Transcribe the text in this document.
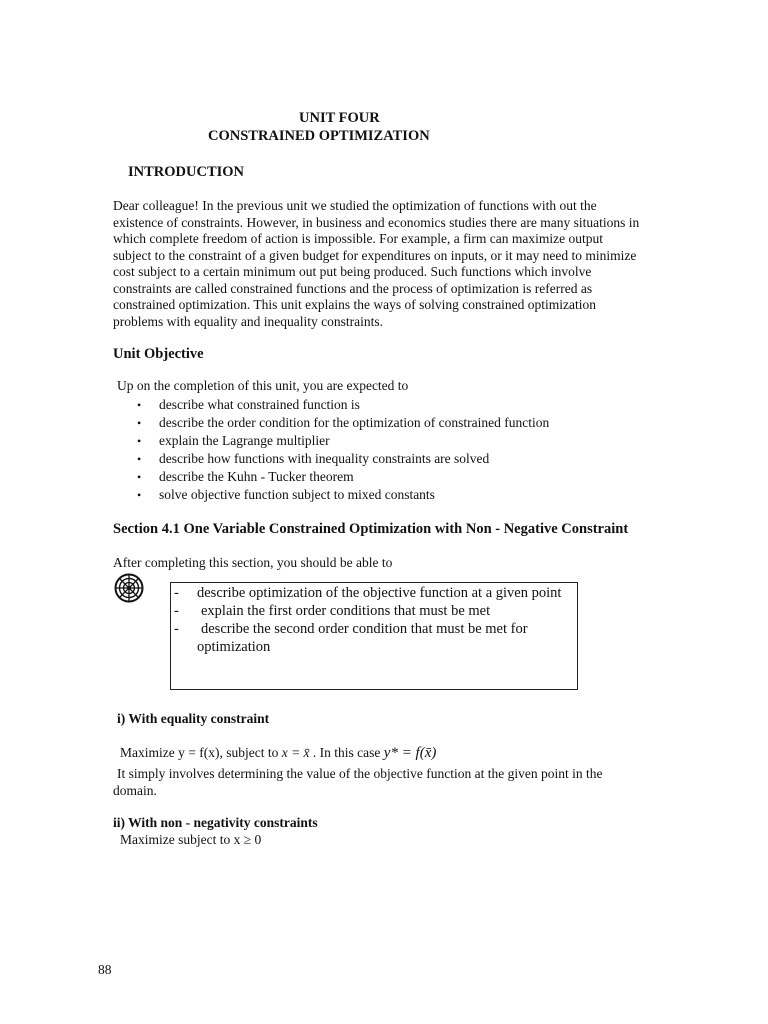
UNIT FOUR
CONSTRAINED OPTIMIZATION
INTRODUCTION
Dear colleague! In the previous unit we studied the optimization of functions with out the
existence of constraints. However, in business and economics studies there are many situations in
which complete freedom of action is impossible. For example, a firm can maximize output
subject to the constraint of a given budget for expenditures on inputs, or it may need to minimize
cost subject to a certain minimum out put being produced. Such functions which involve
constraints are called constrained functions and the process of optimization is referred as
constrained optimization. This unit explains the ways of solving constrained optimization
problems with equality and inequality constraints.
Unit Objective
Up on the completion of this unit, you are expected to
• describe what constrained function is
• describe the order condition for the optimization of constrained function
• explain the Lagrange multiplier
• describe how functions with inequality constraints are solved
• describe the Kuhn - Tucker theorem
• solve objective function subject to mixed constants
Section 4.1 One Variable Constrained Optimization with Non - Negative Constraint
After completing this section, you should be able to
- describe optimization of the objective function at a given point
- explain the first order conditions that must be met
- describe the second order condition that must be met for
optimization
i) With equality constraint
Maximize y = f(x), subject to x = x̄ . In this case y* = f(x̄)
It simply involves determining the value of the objective function at the given point in the
domain.
ii) With non - negativity constraints
Maximize subject to x ≥ 0
88
